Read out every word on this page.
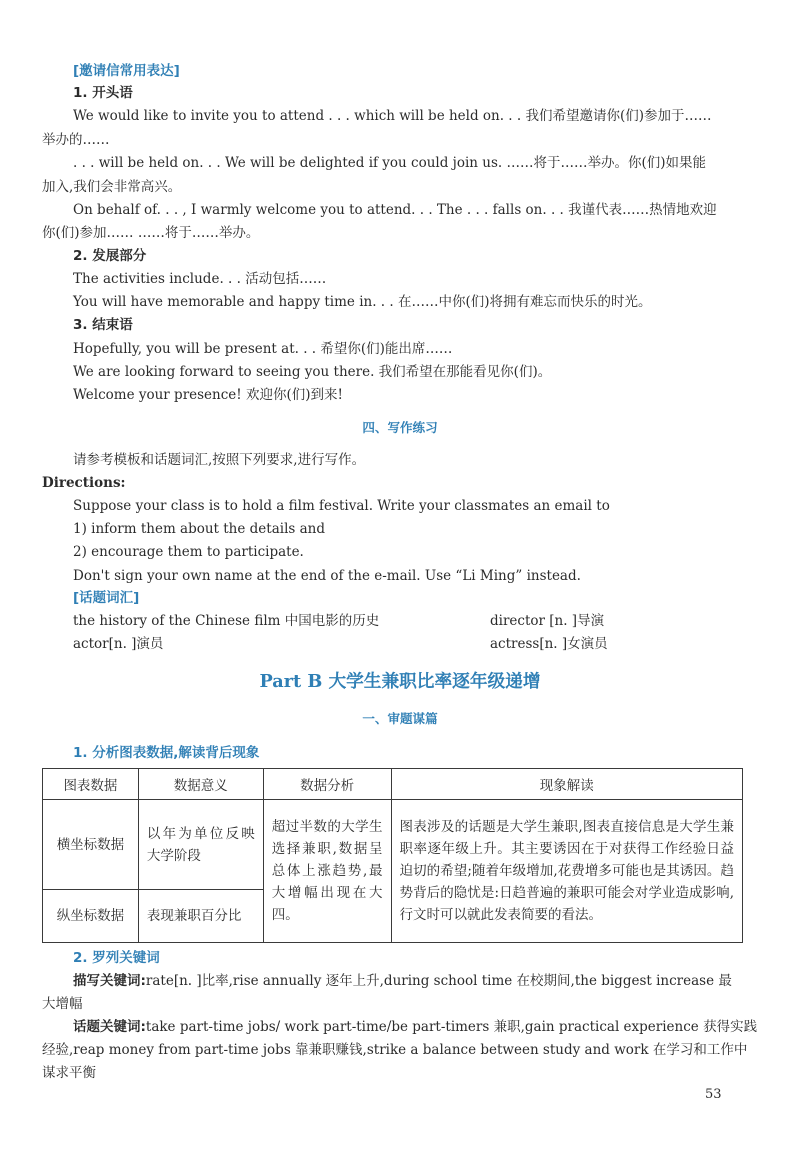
[邀请信常用表达]
1. 开头语
We would like to invite you to attend . . . which will be held on. . . 我们希望邀请你(们)参加于……
举办的……
. . . will be held on. . . We will be delighted if you could join us. ……将于……举办。你(们)如果能
加入,我们会非常高兴。
On behalf of. . . , I warmly welcome you to attend. . . The . . . falls on. . . 我谨代表……热情地欢迎
你(们)参加…… ……将于……举办。
2. 发展部分
The activities include. . . 活动包括……
You will have memorable and happy time in. . . 在……中你(们)将拥有难忘而快乐的时光。
3. 结束语
Hopefully, you will be present at. . . 希望你(们)能出席……
We are looking forward to seeing you there. 我们希望在那能看见你(们)。
Welcome your presence! 欢迎你(们)到来!
四、写作练习
请参考模板和话题词汇,按照下列要求,进行写作。
Directions:
Suppose your class is to hold a film festival. Write your classmates an email to
1) inform them about the details and
2) encourage them to participate.
Don't sign your own name at the end of the e-mail. Use “Li Ming” instead.
[话题词汇]
the history of the Chinese film 中国电影的历史	director [n. ]导演
actor[n. ]演员	actress[n. ]女演员
Part B 大学生兼职比率逐年级递增
一、审题谋篇
1. 分析图表数据,解读背后现象
图表数据	数据意义	数据分析	现象解读
横坐标数据	以年为单位反映大学阶段	超过半数的大学生选择兼职,数据呈总体上涨趋势,最大增幅出现在大四。	图表涉及的话题是大学生兼职,图表直接信息是大学生兼职率逐年级上升。其主要诱因在于对获得工作经验日益迫切的希望;随着年级增加,花费增多可能也是其诱因。趋势背后的隐忧是:日趋普遍的兼职可能会对学业造成影响,行文时可以就此发表简要的看法。
纵坐标数据	表现兼职百分比		
2. 罗列关键词
描写关键词:rate[n. ]比率,rise annually 逐年上升,during school time 在校期间,the biggest increase 最
大增幅
话题关键词:take part-time jobs/ work part-time/be part-timers 兼职,gain practical experience 获得实践
经验,reap money from part-time jobs 靠兼职赚钱,strike a balance between study and work 在学习和工作中
谋求平衡
53
